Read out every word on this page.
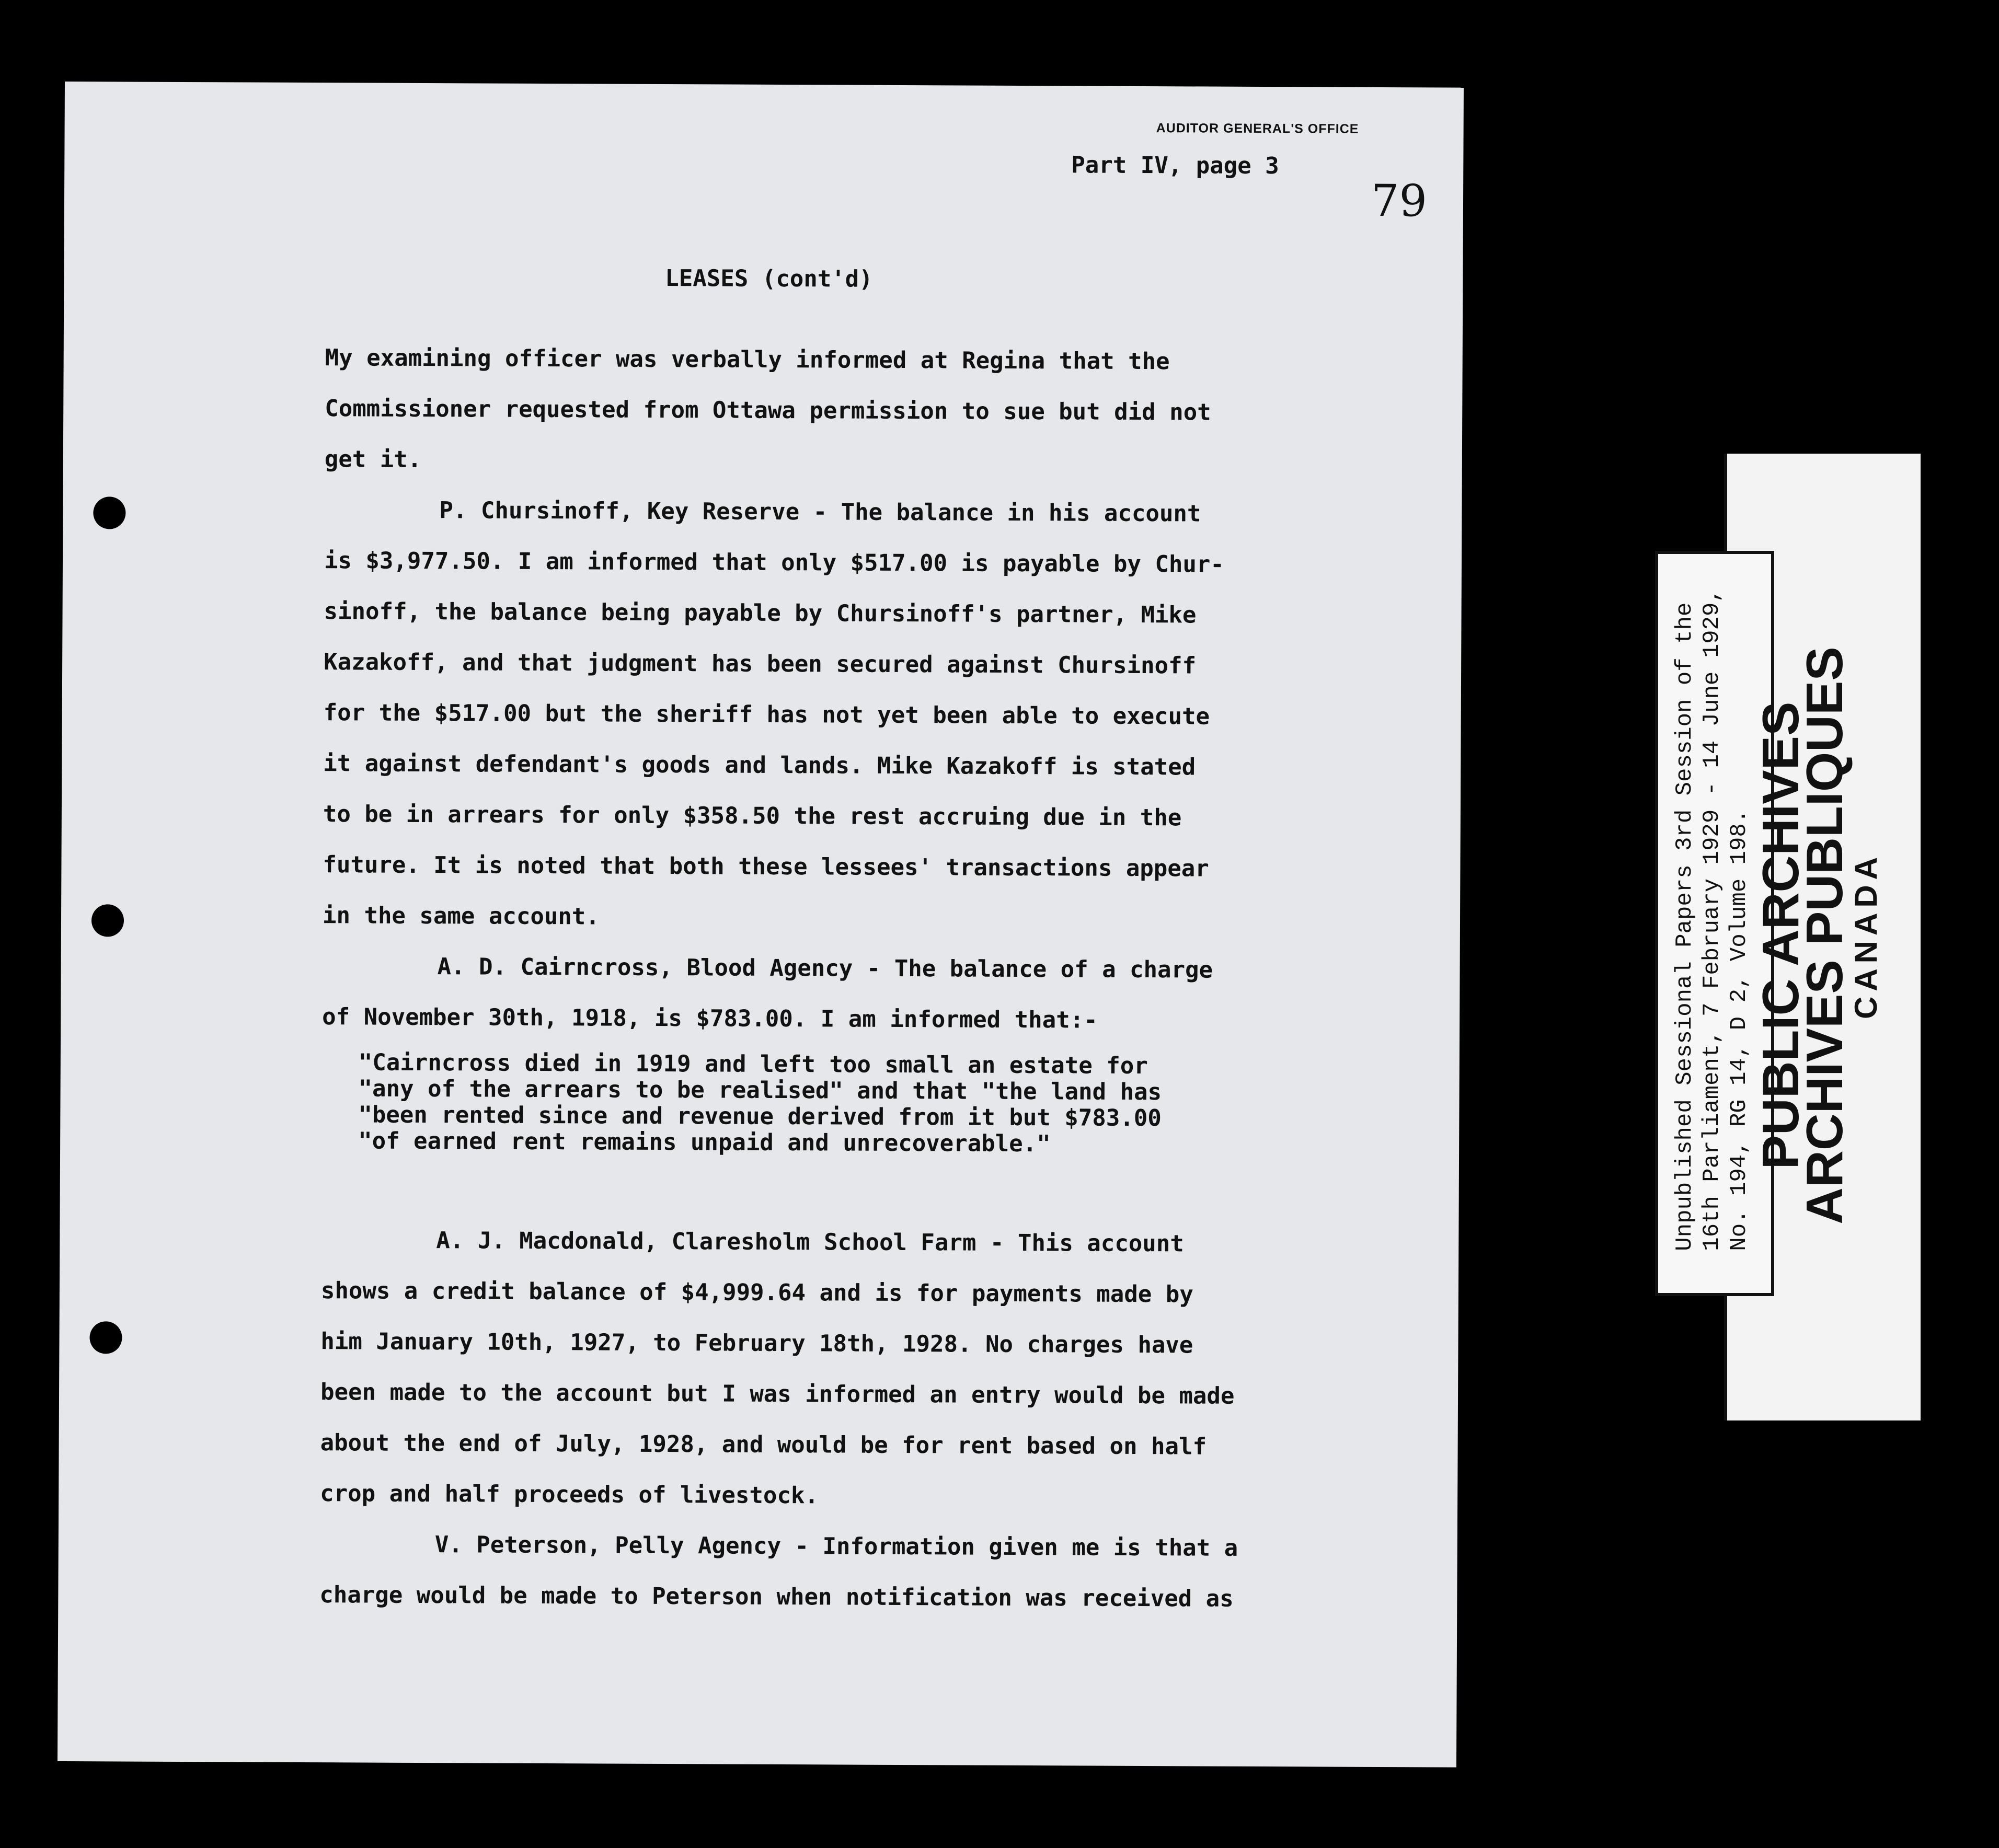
AUDITOR GENERAL'S OFFICE
Part IV, page 3
79
LEASES (cont'd)
My examining officer was verbally informed at Regina that the
Commissioner requested from Ottawa permission to sue but did not
get it.
P. Chursinoff, Key Reserve - The balance in his account
is $3,977.50. I am informed that only $517.00 is payable by Chur-
sinoff, the balance being payable by Chursinoff's partner, Mike
Kazakoff, and that judgment has been secured against Chursinoff
for the $517.00 but the sheriff has not yet been able to execute
it against defendant's goods and lands. Mike Kazakoff is stated
to be in arrears for only $358.50 the rest accruing due in the
future. It is noted that both these lessees' transactions appear
in the same account.
A. D. Cairncross, Blood Agency - The balance of a charge
of November 30th, 1918, is $783.00. I am informed that:-
"Cairncross died in 1919 and left too small an estate for
"any of the arrears to be realised" and that "the land has
"been rented since and revenue derived from it but $783.00
"of earned rent remains unpaid and unrecoverable."
A. J. Macdonald, Claresholm School Farm - This account
shows a credit balance of $4,999.64 and is for payments made by
him January 10th, 1927, to February 18th, 1928. No charges have
been made to the account but I was informed an entry would be made
about the end of July, 1928, and would be for rent based on half
crop and half proceeds of livestock.
V. Peterson, Pelly Agency - Information given me is that a
charge would be made to Peterson when notification was received as
PUBLIC ARCHIVES
ARCHIVES PUBLIQUES
CANADA
Unpublished Sessional Papers 3rd Session of the 16th Parliament, 7 February 1929 - 14 June 1929, No. 194, RG 14, D 2, Volume 198.
